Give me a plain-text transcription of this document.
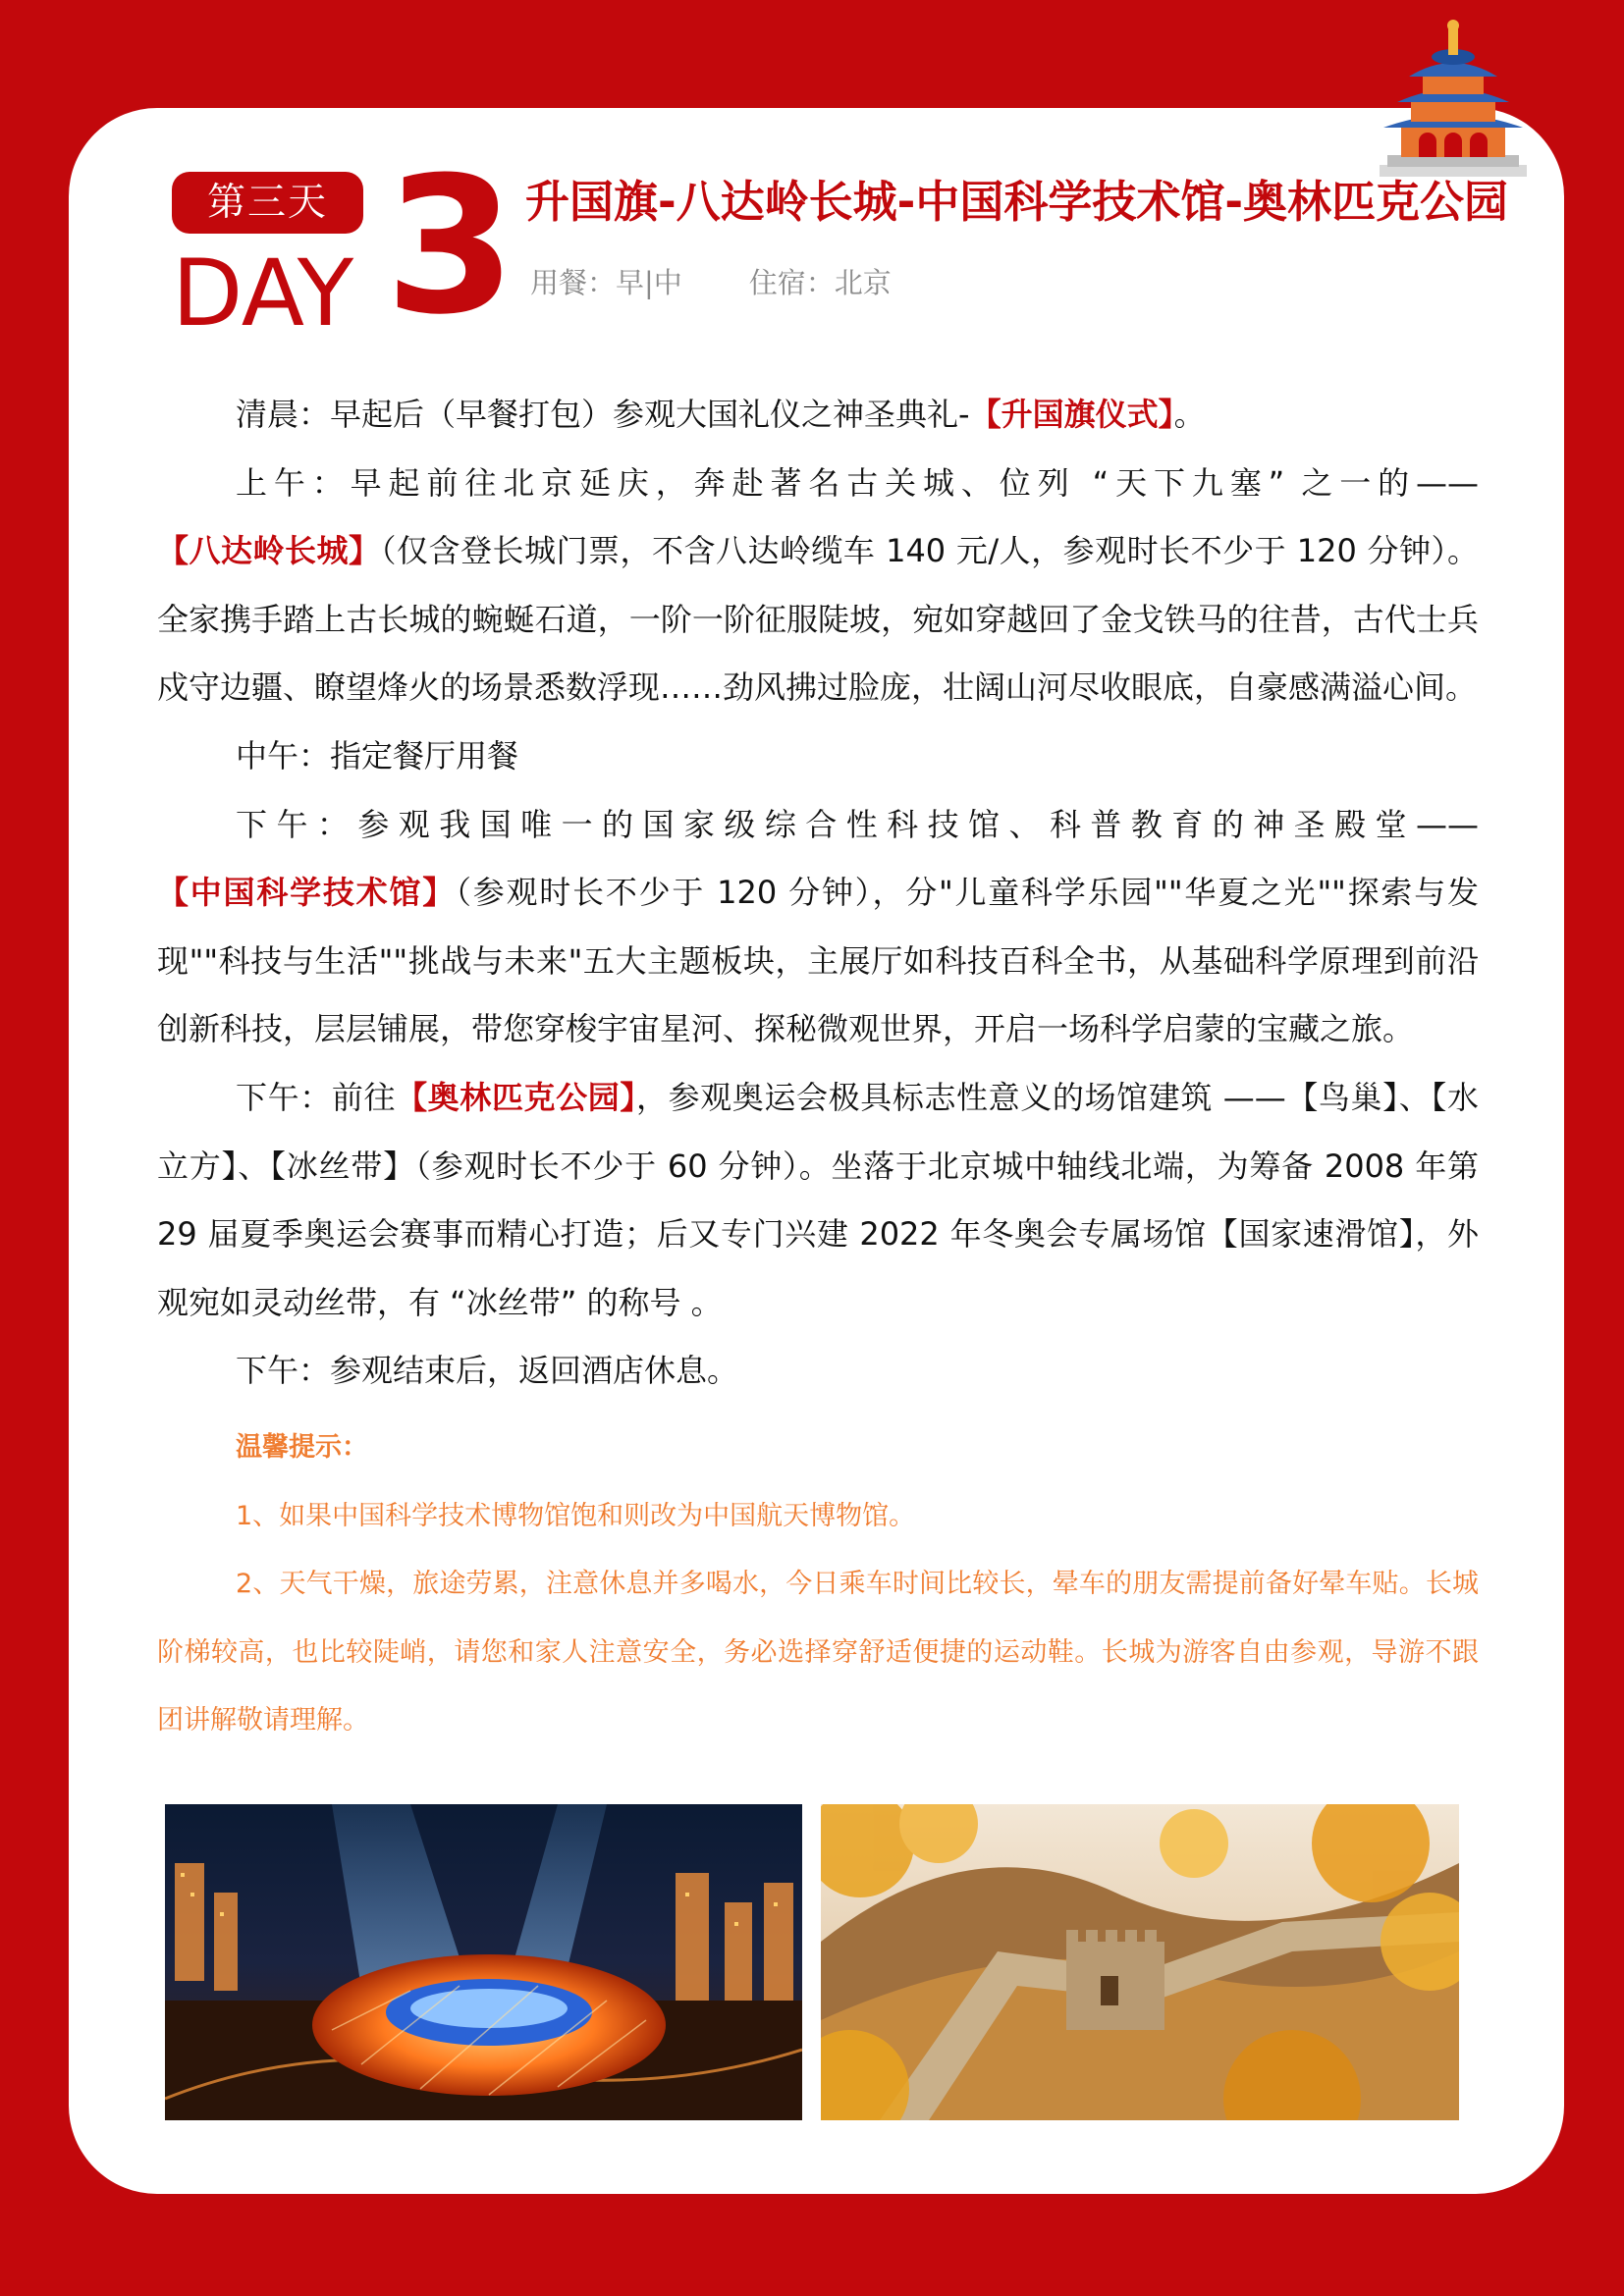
第三天
DAY 3 升国旗-八达岭长城-中国科学技术馆-奥林匹克公园
用餐：早|中 住宿：北京

清晨：早起后（早餐打包）参观大国礼仪之神圣典礼-【升国旗仪式】。

上午：早起前往北京延庆，奔赴著名古关城、位列 “天下九塞” 之一的——【八达岭长城】（仅含登长城门票，不含八达岭缆车 140 元/人，参观时长不少于 120 分钟）。全家携手踏上古长城的蜿蜒石道，一阶一阶征服陡坡，宛如穿越回了金戈铁马的往昔，古代士兵戍守边疆、瞭望烽火的场景悉数浮现……劲风拂过脸庞，壮阔山河尽收眼底，自豪感满溢心间。

中午：指定餐厅用餐

下午：参观我国唯一的国家级综合性科技馆、科普教育的神圣殿堂——【中国科学技术馆】（参观时长不少于 120 分钟），分"儿童科学乐园""华夏之光""探索与发现""科技与生活""挑战与未来"五大主题板块，主展厅如科技百科全书，从基础科学原理到前沿创新科技，层层铺展，带您穿梭宇宙星河、探秘微观世界，开启一场科学启蒙的宝藏之旅。

下午：前往【奥林匹克公园】，参观奥运会极具标志性意义的场馆建筑 ——【鸟巢】、【水立方】、【冰丝带】（参观时长不少于 60 分钟）。坐落于北京城中轴线北端，为筹备 2008 年第 29 届夏季奥运会赛事而精心打造；后又专门兴建 2022 年冬奥会专属场馆【国家速滑馆】，外观宛如灵动丝带，有 “冰丝带” 的称号 。

下午：参观结束后，返回酒店休息。

温馨提示：

1、如果中国科学技术博物馆饱和则改为中国航天博物馆。

2、天气干燥，旅途劳累，注意休息并多喝水，今日乘车时间比较长，晕车的朋友需提前备好晕车贴。长城阶梯较高，也比较陡峭，请您和家人注意安全，务必选择穿舒适便捷的运动鞋。长城为游客自由参观，导游不跟团讲解敬请理解。
